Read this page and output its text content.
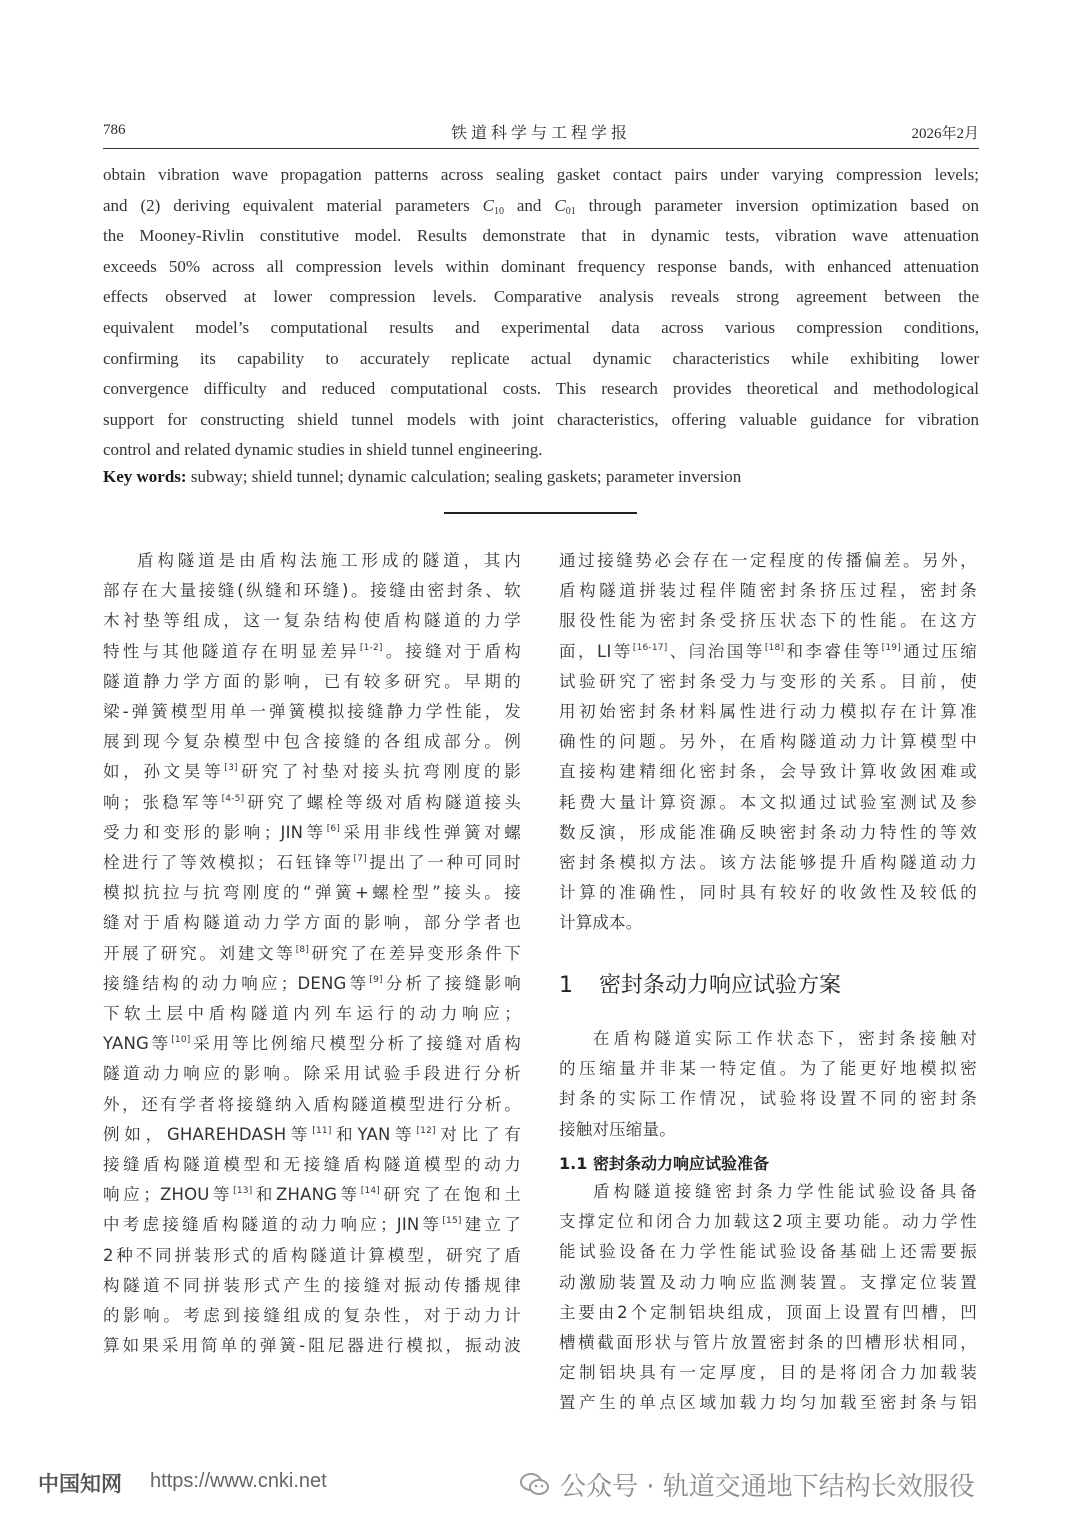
786	铁道科学与工程学报	2026年2月
obtain vibration wave propagation patterns across sealing gasket contact pairs under varying compression levels;
and (2) deriving equivalent material parameters $C_{10}$ and $C_{01}$ through parameter inversion optimization based on
the Mooney-Rivlin constitutive model. Results demonstrate that in dynamic tests, vibration wave attenuation
exceeds 50% across all compression levels within dominant frequency response bands, with enhanced attenuation
effects observed at lower compression levels. Comparative analysis reveals strong agreement between the
equivalent model’s computational results and experimental data across various compression conditions,
confirming its capability to accurately replicate actual dynamic characteristics while exhibiting lower
convergence difficulty and reduced computational costs. This research provides theoretical and methodological
support for constructing shield tunnel models with joint characteristics, offering valuable guidance for vibration
control and related dynamic studies in shield tunnel engineering.
Key words: subway; shield tunnel; dynamic calculation; sealing gaskets; parameter inversion
盾构隧道是由盾构法施工形成的隧道，其内
部存在大量接缝(纵缝和环缝)。接缝由密封条、软
木衬垫等组成，这一复杂结构使盾构隧道的力学
特性与其他隧道存在明显差异[1-2]。接缝对于盾构
隧道静力学方面的影响，已有较多研究。早期的
梁-弹簧模型用单一弹簧模拟接缝静力学性能，发
展到现今复杂模型中包含接缝的各组成部分。例
如，孙文昊等[3]研究了衬垫对接头抗弯刚度的影
响；张稳军等[4-5]研究了螺栓等级对盾构隧道接头
受力和变形的影响；JIN等[6]采用非线性弹簧对螺
栓进行了等效模拟；石钰锋等[7]提出了一种可同时
模拟抗拉与抗弯刚度的“弹簧+螺栓型”接头。接
缝对于盾构隧道动力学方面的影响，部分学者也
开展了研究。刘建文等[8]研究了在差异变形条件下
接缝结构的动力响应；DENG等[9]分析了接缝影响
下软土层中盾构隧道内列车运行的动力响应；
YANG等[10]采用等比例缩尺模型分析了接缝对盾构
隧道动力响应的影响。除采用试验手段进行分析
外，还有学者将接缝纳入盾构隧道模型进行分析。
例如，GHAREHDASH等[11]和YAN等[12]对比了有
接缝盾构隧道模型和无接缝盾构隧道模型的动力
响应；ZHOU等[13]和ZHANG等[14]研究了在饱和土
中考虑接缝盾构隧道的动力响应；JIN等[15]建立了
2种不同拼装形式的盾构隧道计算模型，研究了盾
构隧道不同拼装形式产生的接缝对振动传播规律
的影响。考虑到接缝组成的复杂性，对于动力计
算如果采用简单的弹簧-阻尼器进行模拟，振动波
通过接缝势必会存在一定程度的传播偏差。另外，
盾构隧道拼装过程伴随密封条挤压过程，密封条
服役性能为密封条受挤压状态下的性能。在这方
面，LI等[16-17]、闫治国等[18]和李睿佳等[19]通过压缩
试验研究了密封条受力与变形的关系。目前，使
用初始密封条材料属性进行动力模拟存在计算准
确性的问题。另外，在盾构隧道动力计算模型中
直接构建精细化密封条，会导致计算收敛困难或
耗费大量计算资源。本文拟通过试验室测试及参
数反演，形成能准确反映密封条动力特性的等效
密封条模拟方法。该方法能够提升盾构隧道动力
计算的准确性，同时具有较好的收敛性及较低的
计算成本。
1 密封条动力响应试验方案
在盾构隧道实际工作状态下，密封条接触对
的压缩量并非某一特定值。为了能更好地模拟密
封条的实际工作情况，试验将设置不同的密封条
接触对压缩量。
1.1 密封条动力响应试验准备
盾构隧道接缝密封条力学性能试验设备具备
支撑定位和闭合力加载这2项主要功能。动力学性
能试验设备在力学性能试验设备基础上还需要振
动激励装置及动力响应监测装置。支撑定位装置
主要由2个定制铝块组成，顶面上设置有凹槽，凹
槽横截面形状与管片放置密封条的凹槽形状相同，
定制铝块具有一定厚度，目的是将闭合力加载装
置产生的单点区域加载力均匀加载至密封条与铝
中国知网 https://www.cnki.net	公众号 · 轨道交通地下结构长效服役
